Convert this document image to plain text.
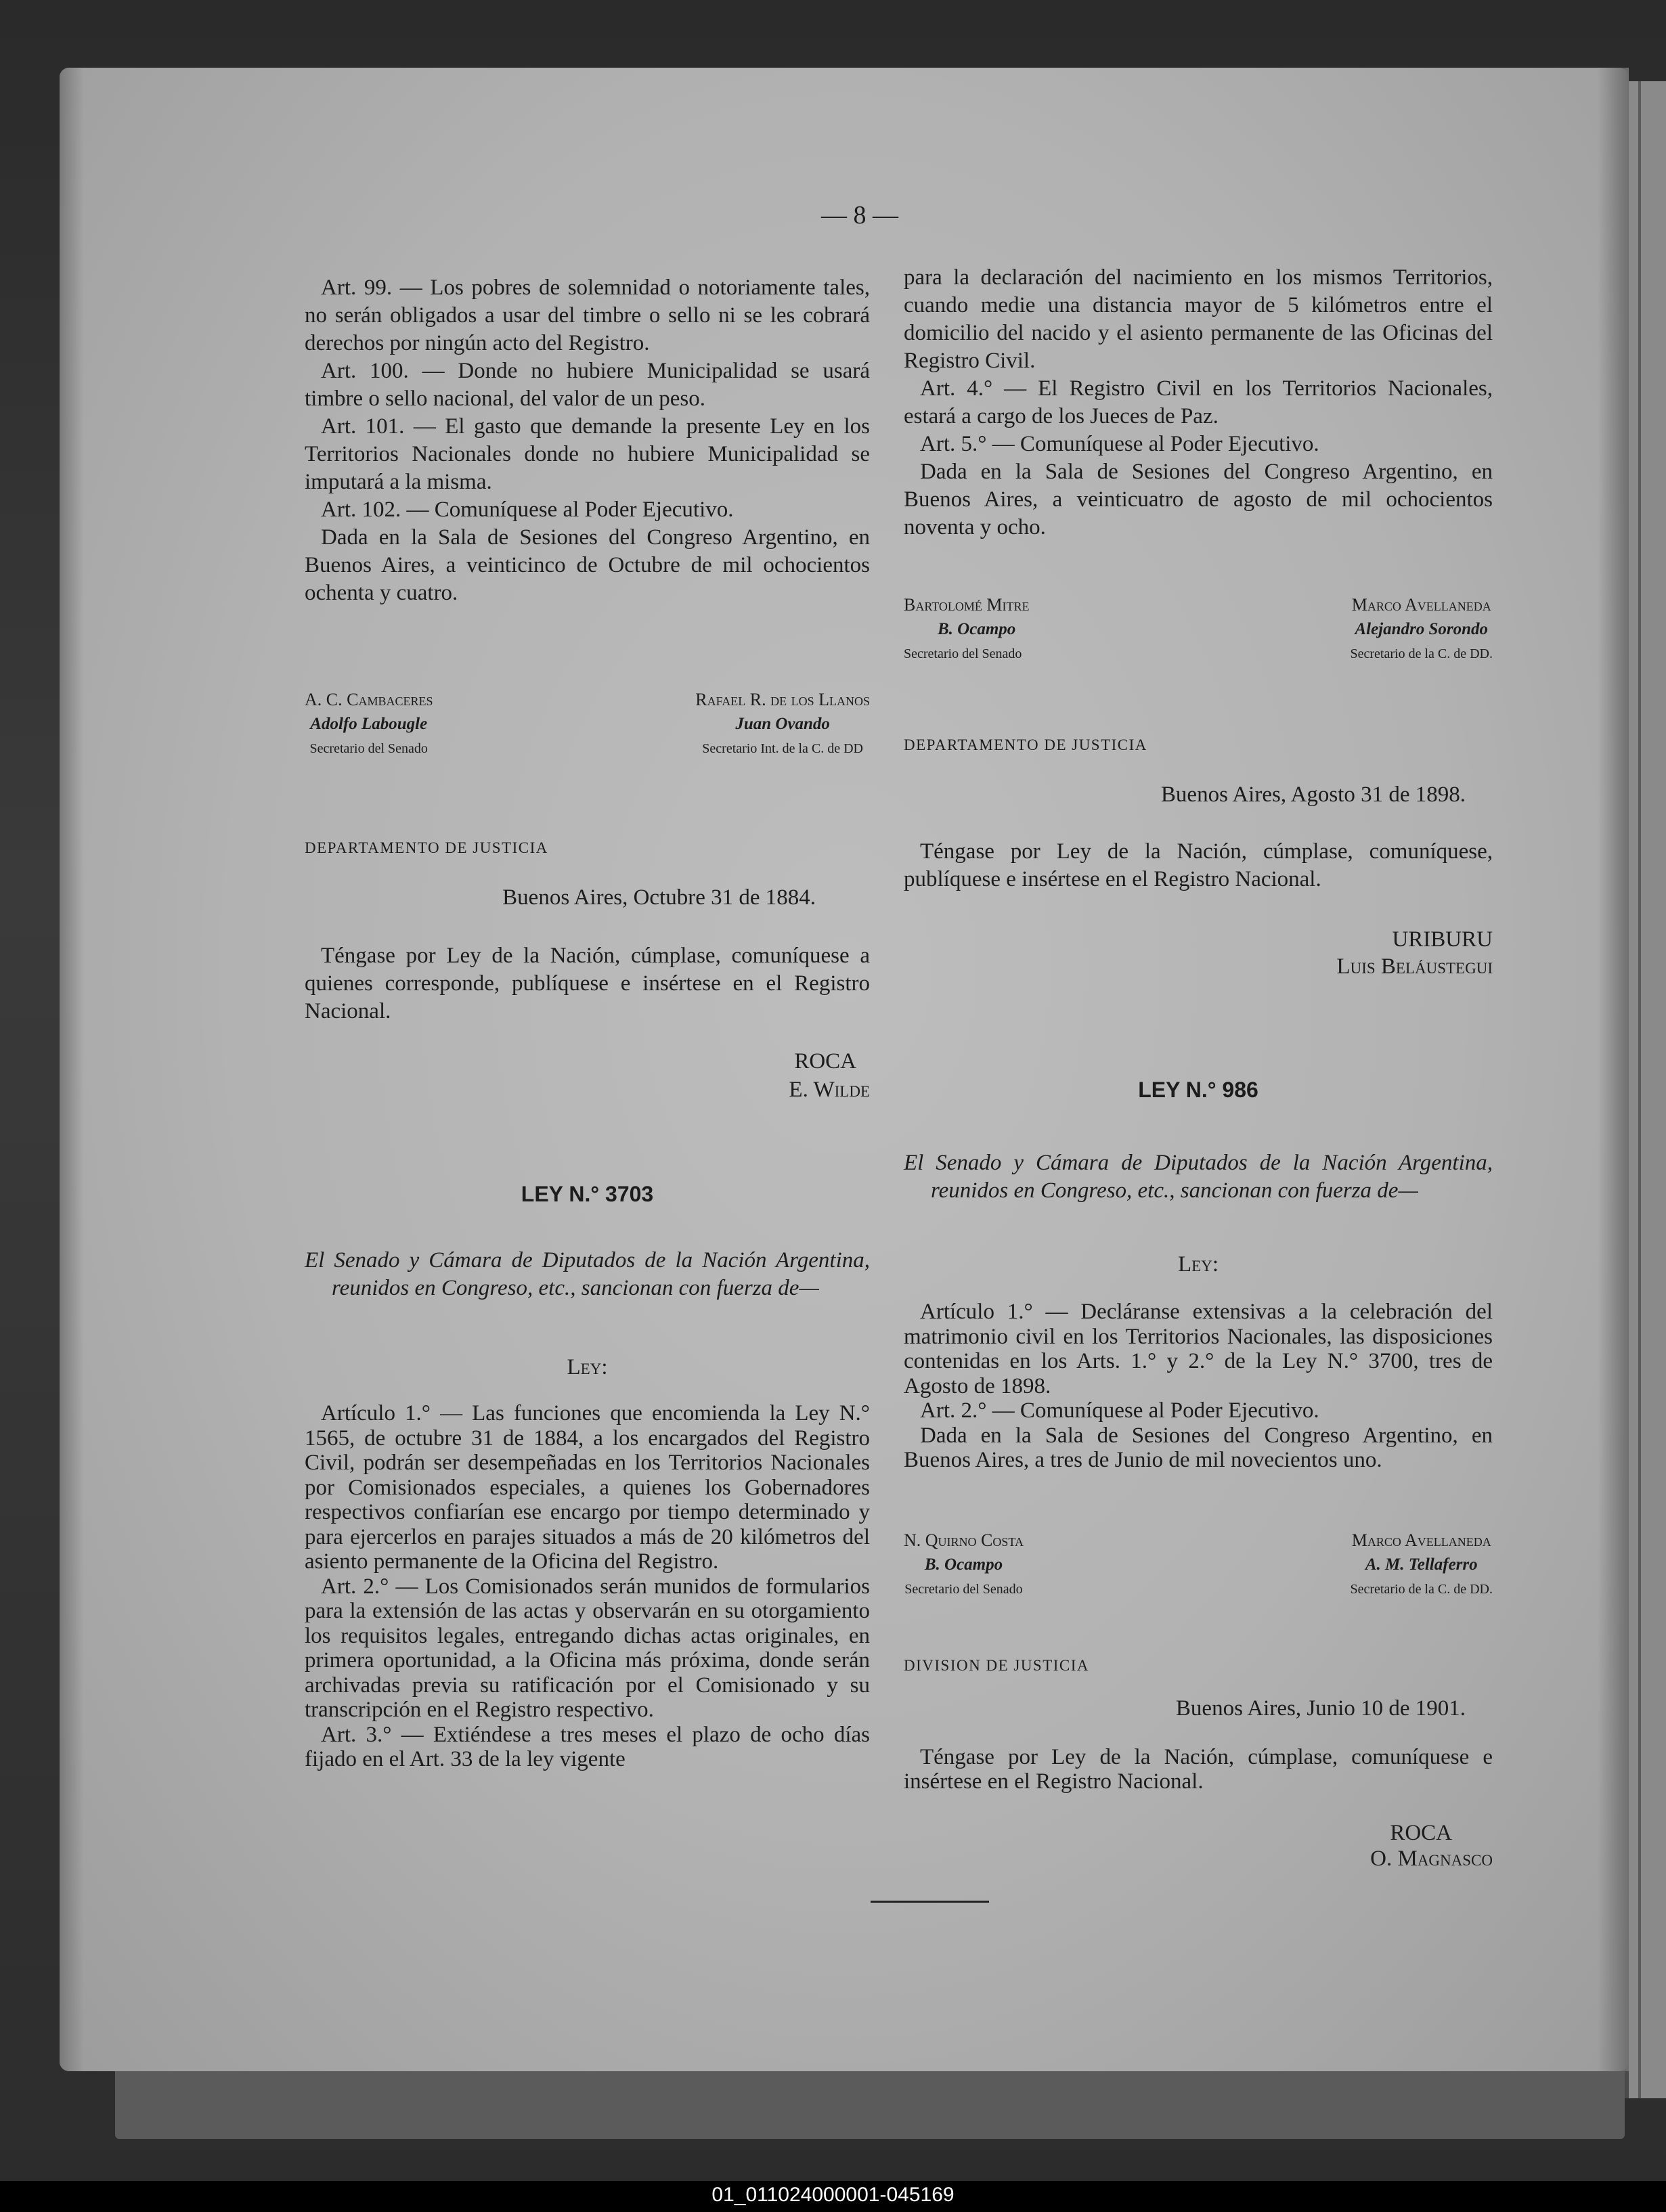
— 8 —

Art. 99. — Los pobres de solemnidad o notoriamente tales, no serán obligados a usar del timbre o sello ni se les cobrará derechos por ningún acto del Registro.

Art. 100. — Donde no hubiere Municipalidad se usará timbre o sello nacional, del valor de un peso.

Art. 101. — El gasto que demande la presente Ley en los Territorios Nacionales donde no hubiere Municipalidad se imputará a la misma.

Art. 102. — Comuníquese al Poder Ejecutivo.

Dada en la Sala de Sesiones del Congreso Argentino, en Buenos Aires, a veinticinco de Octubre de mil ochocientos ochenta y cuatro.

A. C. Cambaceres
Adolfo Labougle
Secretario del Senado
Rafael R. de los Llanos
Juan Ovando
Secretario Int. de la C. de DD
DEPARTAMENTO DE JUSTICIA
Buenos Aires, Octubre 31 de 1884.

Téngase por Ley de la Nación, cúmplase, comuníquese a quienes corresponde, publíquese e insértese en el Registro Nacional.

ROCA
E. Wilde
LEY N.° 3703

El Senado y Cámara de Diputados de la Nación Argentina, reunidos en Congreso, etc., sancionan con fuerza de—

Ley:

Artículo 1.° — Las funciones que encomienda la Ley N.° 1565, de octubre 31 de 1884, a los encargados del Registro Civil, podrán ser desempeñadas en los Territorios Nacionales por Comisionados especiales, a quienes los Gobernadores respectivos confiarían ese encargo por tiempo determinado y para ejercerlos en parajes situados a más de 20 kilómetros del asiento permanente de la Oficina del Registro.

Art. 2.° — Los Comisionados serán munidos de formularios para la extensión de las actas y observarán en su otorgamiento los requisitos legales, entregando dichas actas originales, en primera oportunidad, a la Oficina más próxima, donde serán archivadas previa su ratificación por el Comisionado y su transcripción en el Registro respectivo.

Art. 3.° — Extiéndese a tres meses el plazo de ocho días fijado en el Art. 33 de la ley vigente

para la declaración del nacimiento en los mismos Territorios, cuando medie una distancia mayor de 5 kilómetros entre el domicilio del nacido y el asiento permanente de las Oficinas del Registro Civil.

Art. 4.° — El Registro Civil en los Territorios Nacionales, estará a cargo de los Jueces de Paz.

Art. 5.° — Comuníquese al Poder Ejecutivo.

Dada en la Sala de Sesiones del Congreso Argentino, en Buenos Aires, a veinticuatro de agosto de mil ochocientos noventa y ocho.

Bartolomé Mitre
B. Ocampo
Secretario del Senado
Marco Avellaneda
Alejandro Sorondo
Secretario de la C. de DD.
DEPARTAMENTO DE JUSTICIA
Buenos Aires, Agosto 31 de 1898.

Téngase por Ley de la Nación, cúmplase, comuníquese, publíquese e insértese en el Registro Nacional.

URIBURU
Luis Beláustegui
LEY N.° 986

El Senado y Cámara de Diputados de la Nación Argentina, reunidos en Congreso, etc., sancionan con fuerza de—

Ley:

Artículo 1.° — Decláranse extensivas a la celebración del matrimonio civil en los Territorios Nacionales, las disposiciones contenidas en los Arts. 1.° y 2.° de la Ley N.° 3700, tres de Agosto de 1898.

Art. 2.° — Comuníquese al Poder Ejecutivo.

Dada en la Sala de Sesiones del Congreso Argentino, en Buenos Aires, a tres de Junio de mil novecientos uno.

N. Quirno Costa
B. Ocampo
Secretario del Senado
Marco Avellaneda
A. M. Tellaferro
Secretario de la C. de DD.
DIVISION DE JUSTICIA
Buenos Aires, Junio 10 de 1901.

Téngase por Ley de la Nación, cúmplase, comuníquese e insértese en el Registro Nacional.

ROCA
O. Magnasco
01_011024000001-045169
